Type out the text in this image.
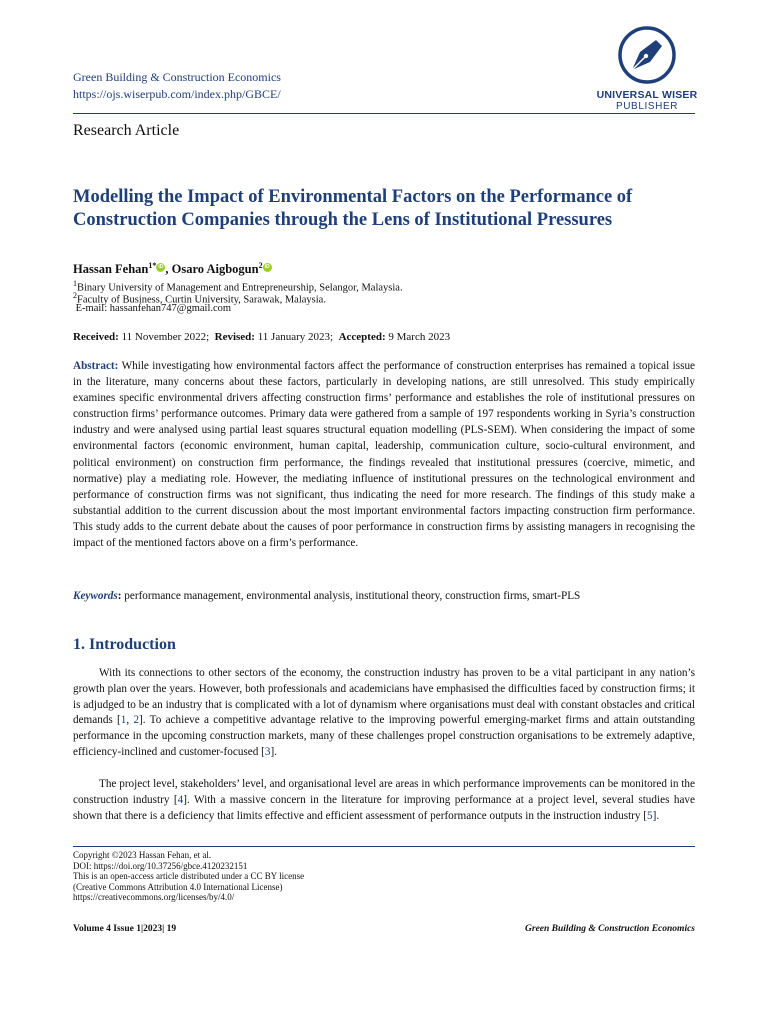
Green Building & Construction Economics
https://ojs.wiserpub.com/index.php/GBCE/	UNIVERSAL WISER
PUBLISHER
Research Article
Modelling the Impact of Environmental Factors on the Performance of Construction Companies through the Lens of Institutional Pressures
Hassan Fehan$^{1*}$ iD , Osaro Aigbogun$^2$ iD
$^1$Binary University of Management and Entrepreneurship, Selangor, Malaysia.
$^2$Faculty of Business, Curtin University, Sarawak, Malaysia.
E-mail: hassanfehan747@gmail.com
Received: 11 November 2022;  Revised: 11 January 2023;  Accepted: 9 March 2023
Abstract: While investigating how environmental factors affect the performance of construction enterprises has remained a topical issue in the literature, many concerns about these factors, particularly in developing nations, are still unresolved. This study empirically examines specific environmental drivers affecting construction firms’ performance and establishes the role of institutional pressures on construction firms’ performance outcomes. Primary data were gathered from a sample of 197 respondents working in Syria’s construction industry and were analysed using partial least squares structural equation modelling (PLS-SEM). When considering the impact of some environmental factors (economic environment, human capital, leadership, communication culture, socio-cultural environment, and political environment) on construction firm performance, the findings revealed that institutional pressures (coercive, mimetic, and normative) play a mediating role. However, the mediating influence of institutional pressures on the technological environment and performance of construction firms was not significant, thus indicating the need for more research. The findings of this study make a substantial addition to the current discussion about the most important environmental factors impacting construction firm performance. This study adds to the current debate about the causes of poor performance in construction firms by assisting managers in recognising the impact of the mentioned factors above on a firm’s performance.
Keywords: performance management, environmental analysis, institutional theory, construction firms, smart-PLS
1. Introduction
With its connections to other sectors of the economy, the construction industry has proven to be a vital participant in any nation’s growth plan over the years. However, both professionals and academicians have emphasised the difficulties faced by construction firms; it is adjudged to be an industry that is complicated with a lot of dynamism where organisations must deal with constant obstacles and critical demands [1, 2]. To achieve a competitive advantage relative to the improving powerful emerging-market firms and attain outstanding performance in the upcoming construction markets, many of these challenges propel construction organisations to be extremely adaptive, efficiency-inclined and customer-focused [3].
The project level, stakeholders’ level, and organisational level are areas in which performance improvements can be monitored in the construction industry [4]. With a massive concern in the literature for improving performance at a project level, several studies have shown that there is a deficiency that limits effective and efficient assessment of performance outputs in the instruction industry [5].
Copyright ©2023 Hassan Fehan, et al.
DOI: https://doi.org/10.37256/gbce.4120232151
This is an open-access article distributed under a CC BY license
(Creative Commons Attribution 4.0 International License)
https://creativecommons.org/licenses/by/4.0/
Volume 4 Issue 1|2023| 19	Green Building & Construction Economics
